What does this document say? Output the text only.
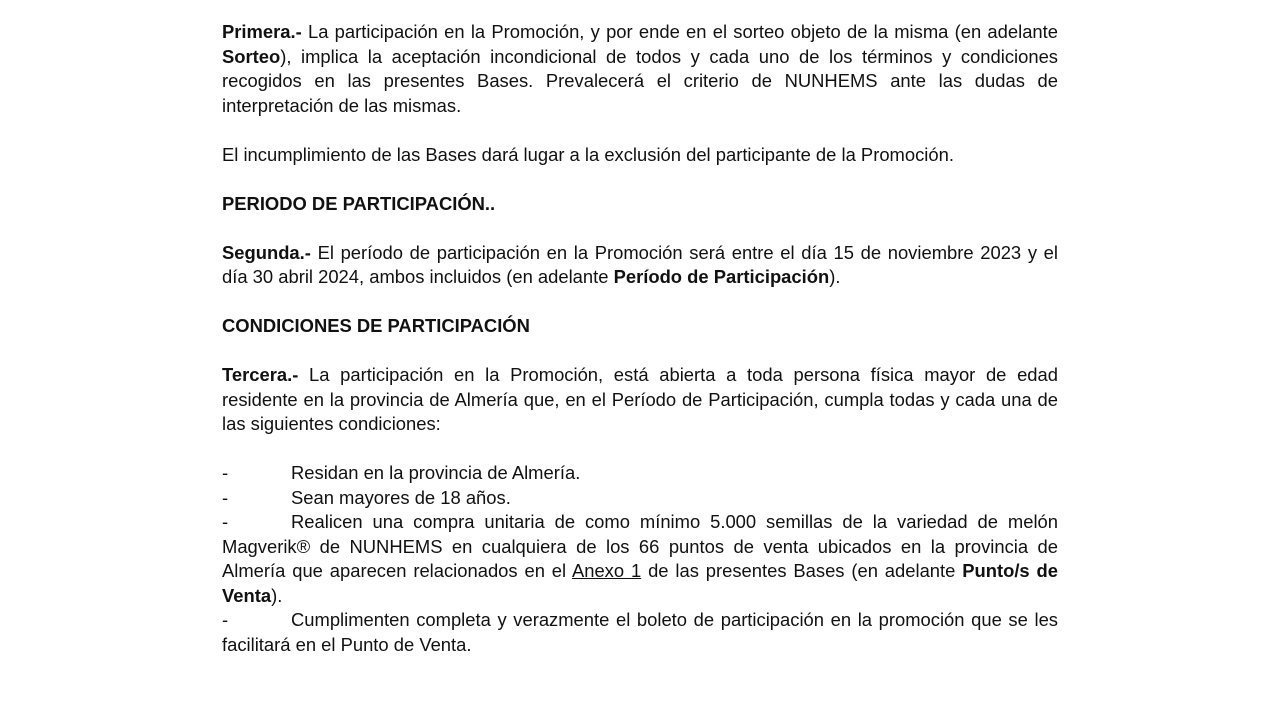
Primera.- La participación en la Promoción, y por ende en el sorteo objeto de la misma (en adelante Sorteo), implica la aceptación incondicional de todos y cada uno de los términos y condiciones recogidos en las presentes Bases. Prevalecerá el criterio de NUNHEMS ante las dudas de interpretación de las mismas.

El incumplimiento de las Bases dará lugar a la exclusión del participante de la Promoción.

PERIODO DE PARTICIPACIÓN..

Segunda.- El período de participación en la Promoción será entre el día 15 de noviembre 2023 y el día 30 abril 2024, ambos incluidos (en adelante Período de Participación).

CONDICIONES DE PARTICIPACIÓN

Tercera.- La participación en la Promoción, está abierta a toda persona física mayor de edad residente en la provincia de Almería que, en el Período de Participación, cumpla todas y cada una de las siguientes condiciones:

-	Residan en la provincia de Almería.

-	Sean mayores de 18 años.

-	Realicen una compra unitaria de como mínimo 5.000 semillas de la variedad de melón Magverik® de NUNHEMS en cualquiera de los 66 puntos de venta ubicados en la provincia de Almería que aparecen relacionados en el Anexo 1 de las presentes Bases (en adelante Punto/s de Venta).

-	Cumplimenten completa y verazmente el boleto de participación en la promoción que se les facilitará en el Punto de Venta.
